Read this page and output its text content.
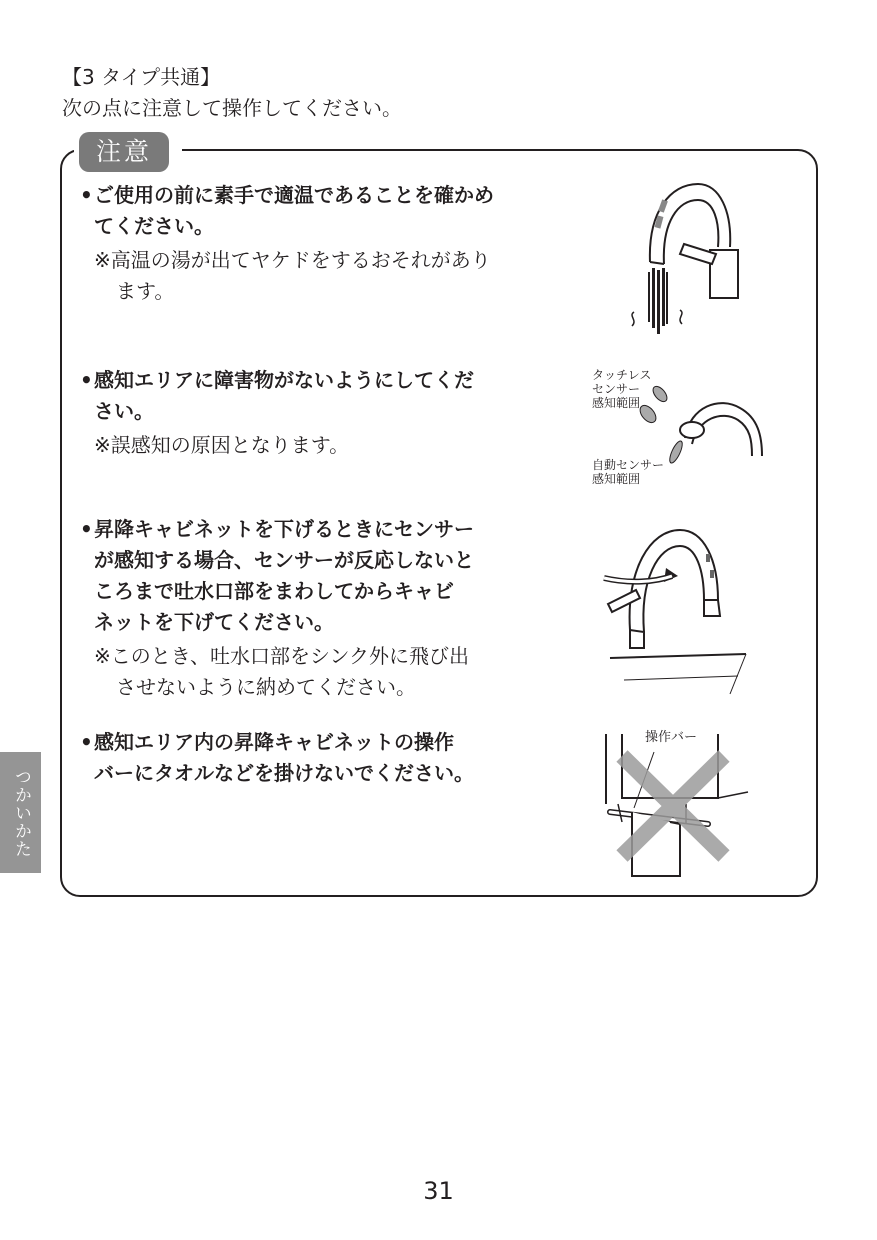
【3 タイプ共通】
次の点に注意して操作してください。
注意
• ご使用の前に素手で適温であることを確かめ
てください。
※高温の湯が出てヤケドをするおそれがあり
ます。
• 感知エリアに障害物がないようにしてくだ
さい。
※誤感知の原因となります。
• 昇降キャビネットを下げるときにセンサー
が感知する場合、センサーが反応しないと
ころまで吐水口部をまわしてからキャビ
ネットを下げてください。
※このとき、吐水口部をシンク外に飛び出
させないように納めてください。
• 感知エリア内の昇降キャビネットの操作
バーにタオルなどを掛けないでください。
タッチレス
センサー
感知範囲
自動センサー
感知範囲
操作バー
つかいかた
31
